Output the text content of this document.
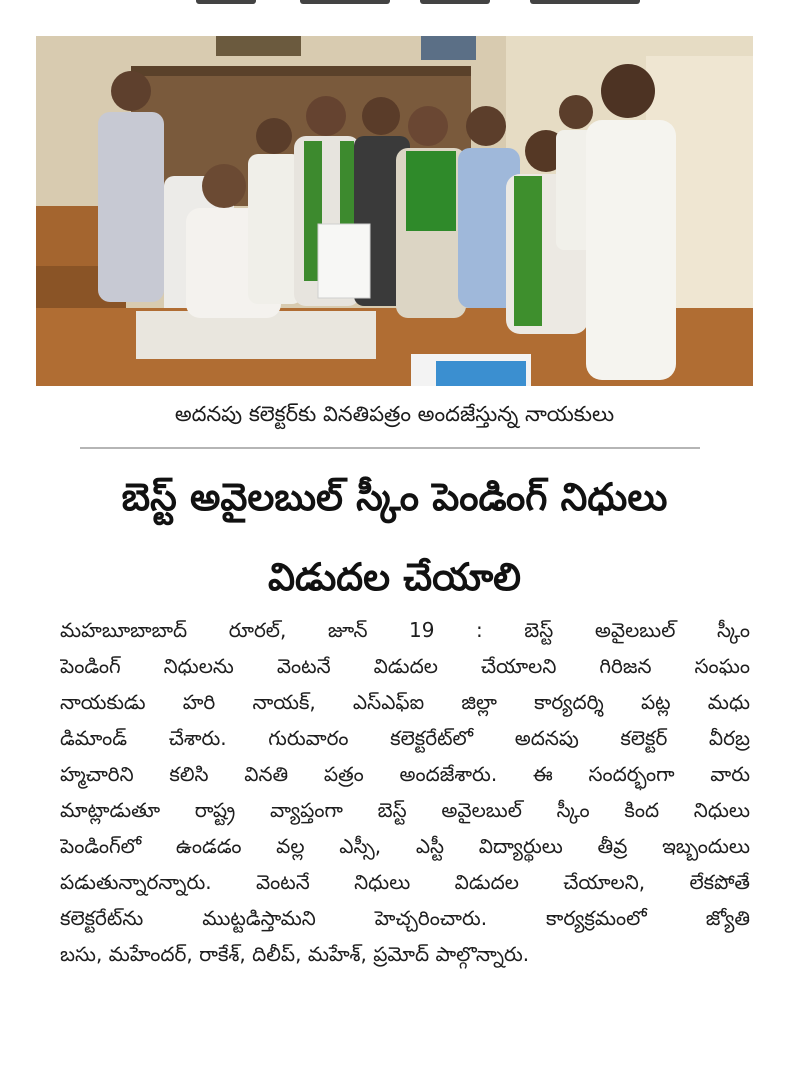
అదనపు కలెక్టర్‌కు వినతిపత్రం అందజేస్తున్న నాయకులు
బెస్ట్ అవైలబుల్ స్కీం పెండింగ్ నిధులు
విడుదల చేయాలి
మహబూబాబాద్ రూరల్, జూన్ 19 : బెస్ట్ అవైలబుల్ స్కీం
పెండింగ్ నిధులను వెంటనే విడుదల చేయాలని గిరిజన సంఘం
నాయకుడు హరి నాయక్, ఎస్ఎఫ్ఐ జిల్లా కార్యదర్శి పట్ల మధు
డిమాండ్ చేశారు. గురువారం కలెక్టరేట్‌లో అదనపు కలెక్టర్ వీరబ్ర
హ్మచారిని కలిసి వినతి పత్రం అందజేశారు. ఈ సందర్భంగా వారు
మాట్లాడుతూ రాష్ట్ర వ్యాప్తంగా బెస్ట్ అవైలబుల్ స్కీం కింద నిధులు
పెండింగ్‌లో ఉండడం వల్ల ఎస్సీ, ఎస్టీ విద్యార్థులు తీవ్ర ఇబ్బందులు
పడుతున్నారన్నారు. వెంటనే నిధులు విడుదల చేయాలని, లేకపోతే
కలెక్టరేట్‌ను ముట్టడిస్తామని హెచ్చరించారు. కార్యక్రమంలో జ్యోతి
బసు, మహేందర్, రాకేశ్, దిలీప్, మహేశ్, ప్రమోద్ పాల్గొన్నారు.
